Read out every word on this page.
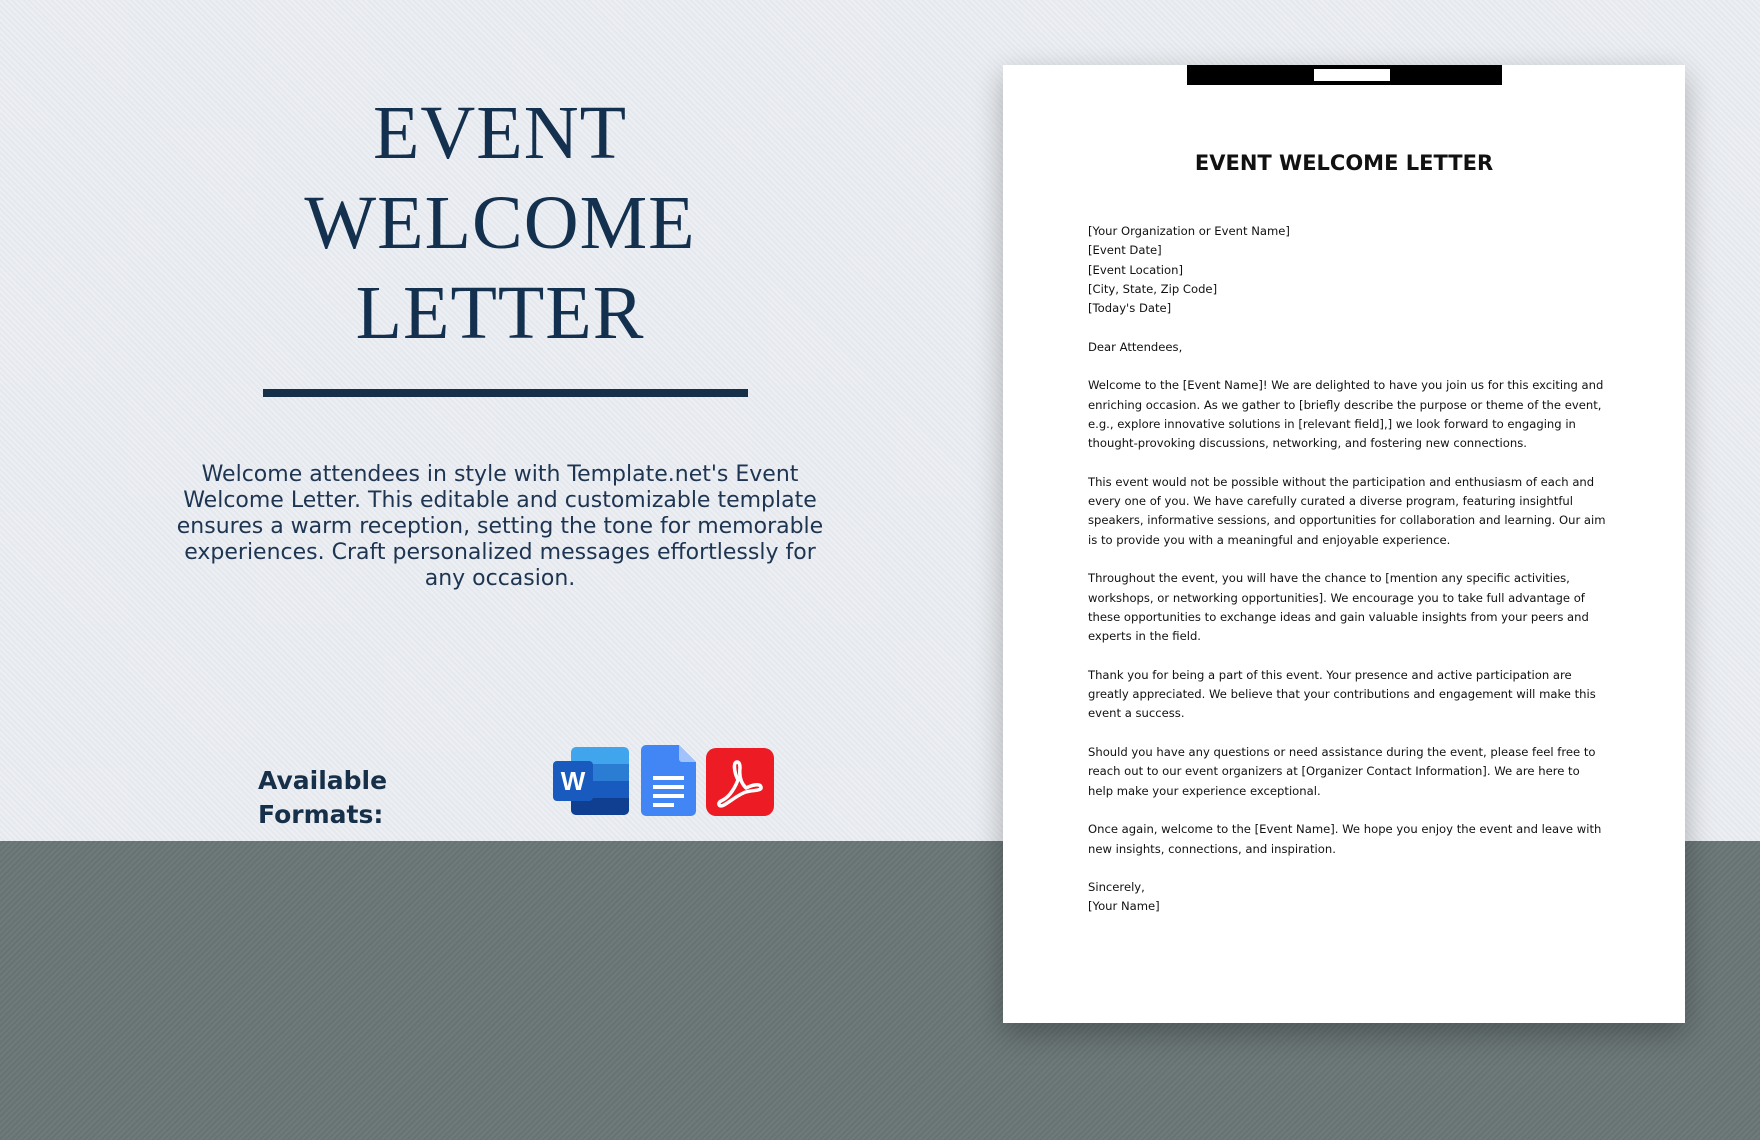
EVENT
WELCOME
LETTER
Welcome attendees in style with Template.net's Event Welcome Letter. This editable and customizable template ensures a warm reception, setting the tone for memorable experiences. Craft personalized messages effortlessly for any occasion.
Available Formats:
W
EVENT WELCOME LETTER

[Your Organization or Event Name]
[Event Date]
[Event Location]
[City, State, Zip Code]
[Today's Date]

Dear Attendees,

Welcome to the [Event Name]! We are delighted to have you join us for this exciting and enriching occasion. As we gather to [briefly describe the purpose or theme of the event, e.g., explore innovative solutions in [relevant field],] we look forward to engaging in thought-provoking discussions, networking, and fostering new connections.

This event would not be possible without the participation and enthusiasm of each and every one of you. We have carefully curated a diverse program, featuring insightful speakers, informative sessions, and opportunities for collaboration and learning. Our aim is to provide you with a meaningful and enjoyable experience.

Throughout the event, you will have the chance to [mention any specific activities, workshops, or networking opportunities]. We encourage you to take full advantage of these opportunities to exchange ideas and gain valuable insights from your peers and experts in the field.

Thank you for being a part of this event. Your presence and active participation are greatly appreciated. We believe that your contributions and engagement will make this event a success.

Should you have any questions or need assistance during the event, please feel free to reach out to our event organizers at [Organizer Contact Information]. We are here to help make your experience exceptional.

Once again, welcome to the [Event Name]. We hope you enjoy the event and leave with new insights, connections, and inspiration.

Sincerely,
[Your Name]
